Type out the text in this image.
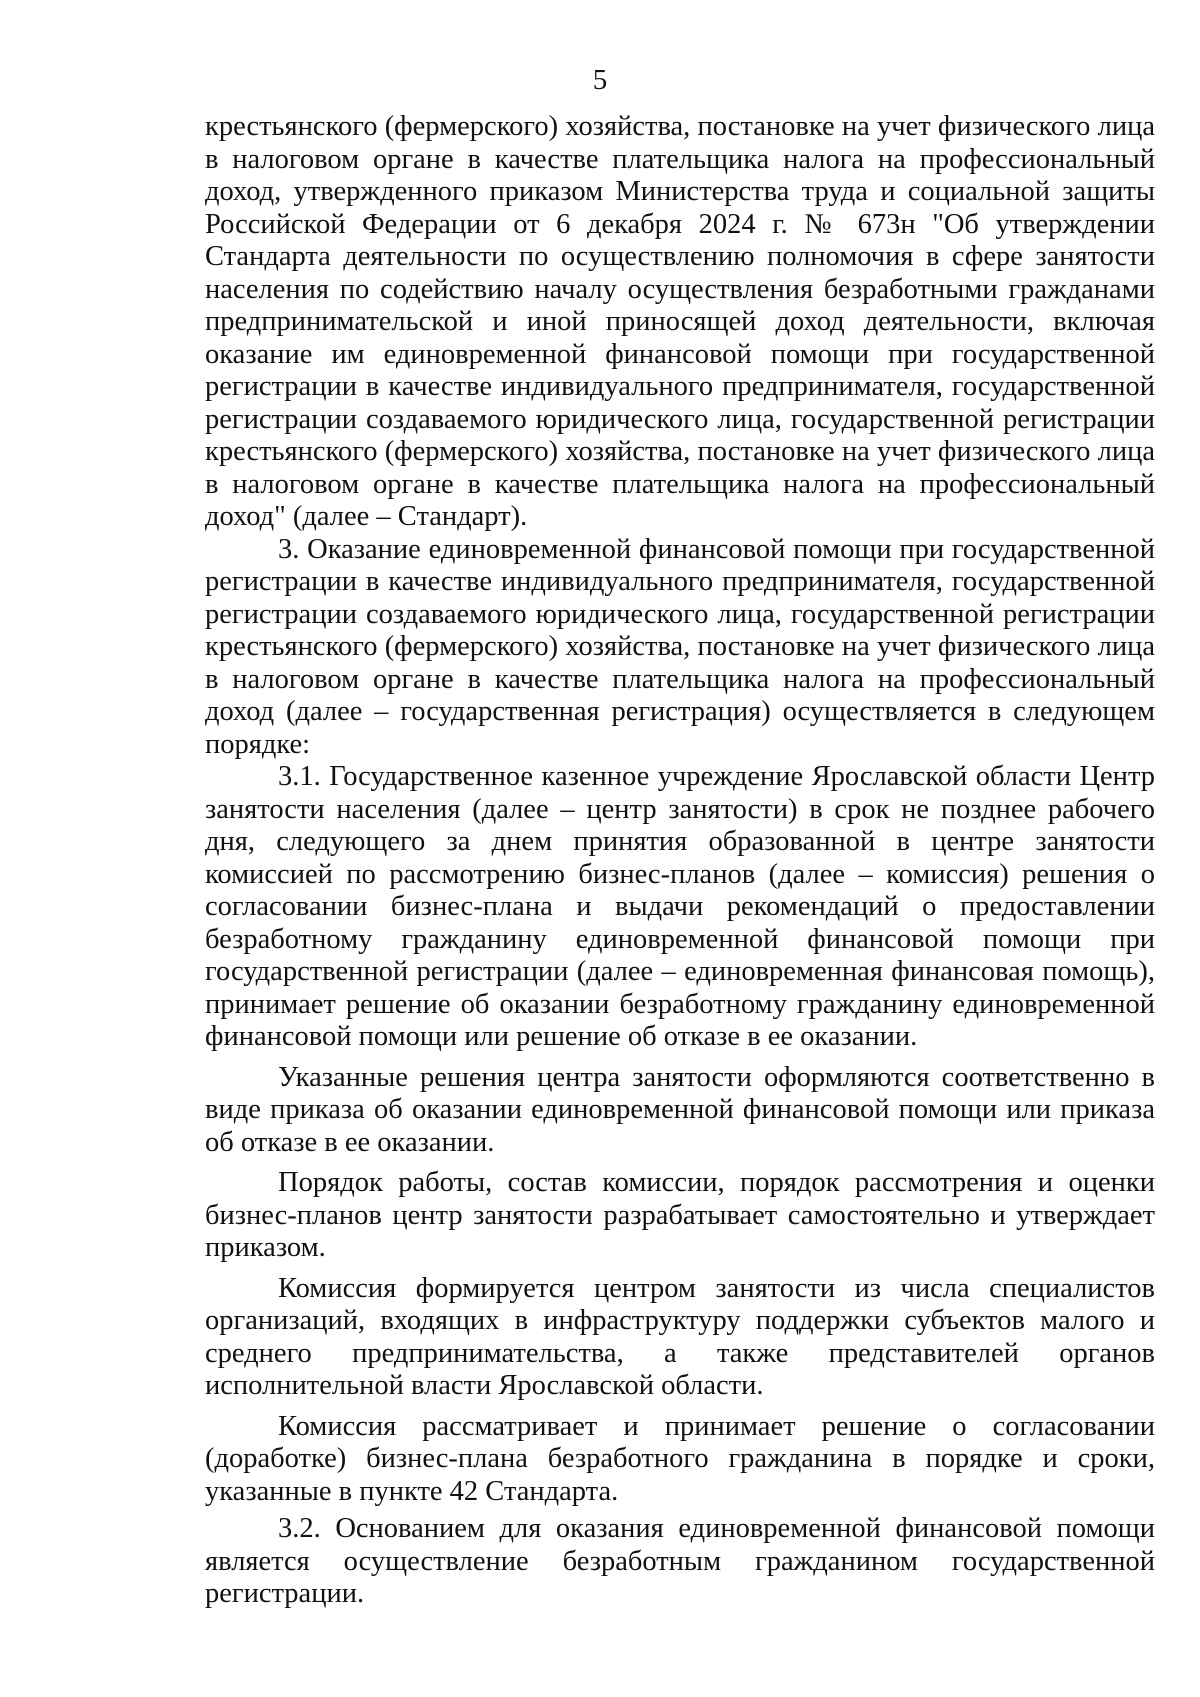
5

крестьянского (фермерского) хозяйства, постановке на учет физического лица в налоговом органе в качестве плательщика налога на профессиональный доход, утвержденного приказом Министерства труда и социальной защиты Российской Федерации от 6 декабря 2024 г. № 673н "Об утверждении Стандарта деятельности по осуществлению полномочия в сфере занятости населения по содействию началу осуществления безработными гражданами предпринимательской и иной приносящей доход деятельности, включая оказание им единовременной финансовой помощи при государственной регистрации в качестве индивидуального предпринимателя, государственной регистрации создаваемого юридического лица, государственной регистрации крестьянского (фермерского) хозяйства, постановке на учет физического лица в налоговом органе в качестве плательщика налога на профессиональный доход" (далее – Стандарт).

3. Оказание единовременной финансовой помощи при государственной регистрации в качестве индивидуального предпринимателя, государственной регистрации создаваемого юридического лица, государственной регистрации крестьянского (фермерского) хозяйства, постановке на учет физического лица в налоговом органе в качестве плательщика налога на профессиональный доход (далее – государственная регистрация) осуществляется в следующем порядке:

3.1. Государственное казенное учреждение Ярославской области Центр занятости населения (далее – центр занятости) в срок не позднее рабочего дня, следующего за днем принятия образованной в центре занятости комиссией по рассмотрению бизнес-планов (далее – комиссия) решения о согласовании бизнес-плана и выдачи рекомендаций о предоставлении безработному гражданину единовременной финансовой помощи при государственной регистрации (далее – единовременная финансовая помощь), принимает решение об оказании безработному гражданину единовременной финансовой помощи или решение об отказе в ее оказании.

Указанные решения центра занятости оформляются соответственно в виде приказа об оказании единовременной финансовой помощи или приказа об отказе в ее оказании.

Порядок работы, состав комиссии, порядок рассмотрения и оценки бизнес-планов центр занятости разрабатывает самостоятельно и утверждает приказом.

Комиссия формируется центром занятости из числа специалистов организаций, входящих в инфраструктуру поддержки субъектов малого и среднего предпринимательства, а также представителей органов исполнительной власти Ярославской области.

Комиссия рассматривает и принимает решение о согласовании (доработке) бизнес-плана безработного гражданина в порядке и сроки, указанные в пункте 42 Стандарта.

3.2. Основанием для оказания единовременной финансовой помощи является осуществление безработным гражданином государственной регистрации.
